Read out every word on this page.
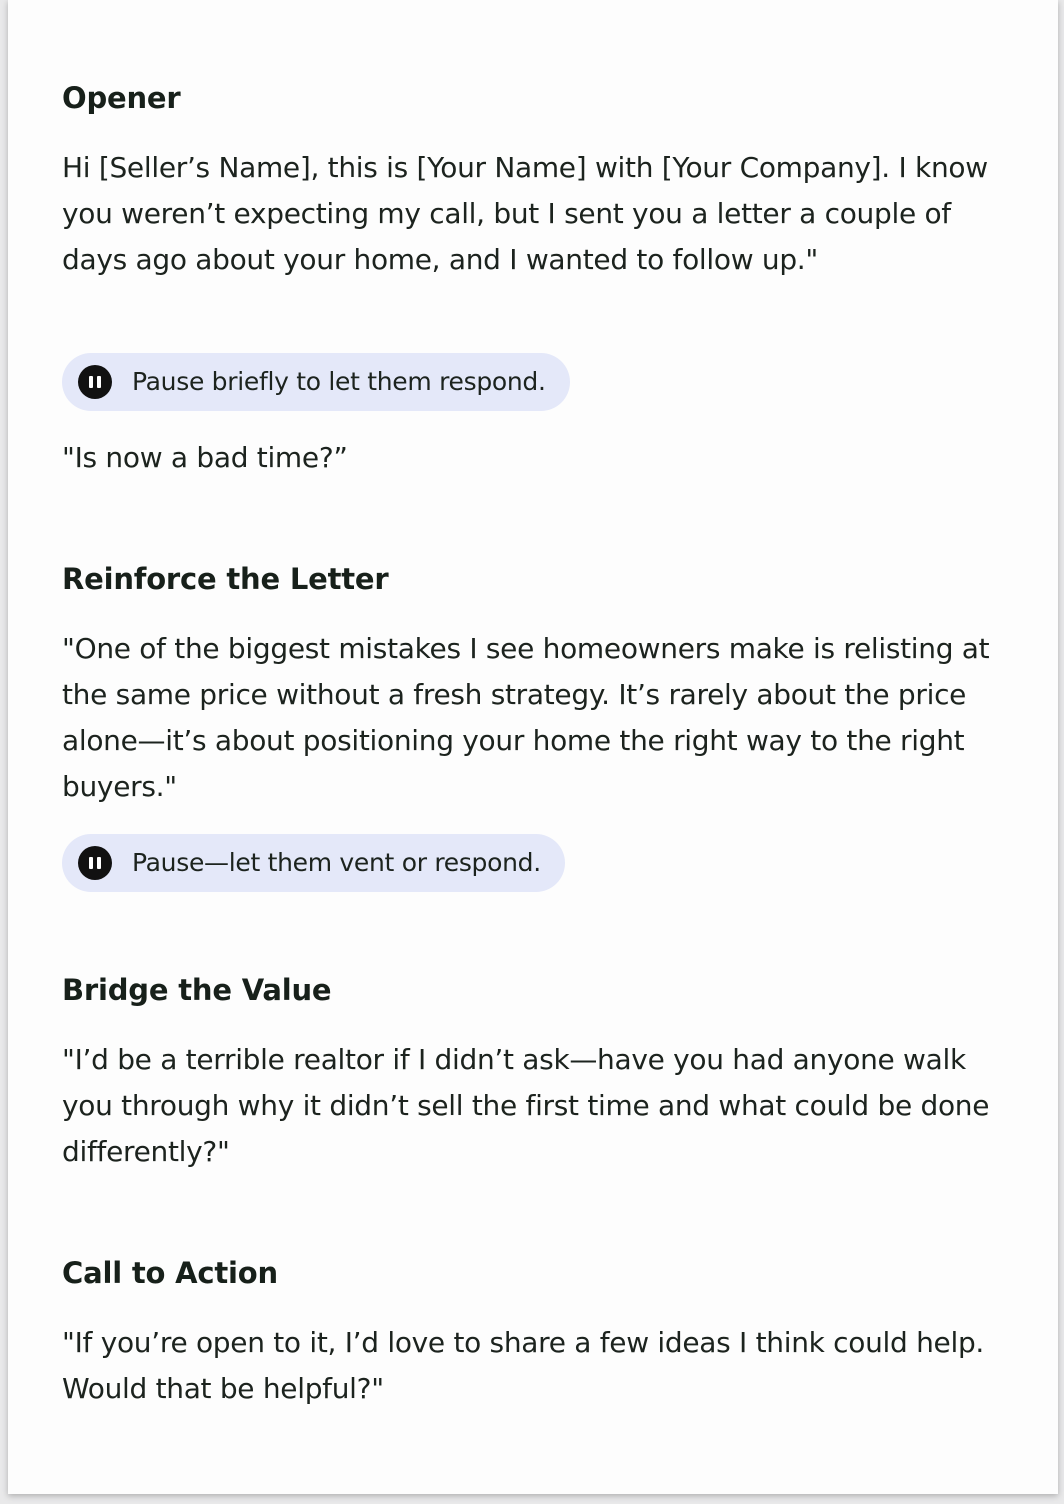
Opener
Hi [Seller’s Name], this is [Your Name] with [Your Company]. I know you weren’t expecting my call, but I sent you a letter a couple of days ago about your home, and I wanted to follow up."
Pause briefly to let them respond.
"Is now a bad time?”
Reinforce the Letter
"One of the biggest mistakes I see homeowners make is relisting at the same price without a fresh strategy. It’s rarely about the price alone—it’s about positioning your home the right way to the right buyers."
Pause—let them vent or respond.
Bridge the Value
"I’d be a terrible realtor if I didn’t ask—have you had anyone walk you through why it didn’t sell the first time and what could be done differently?"
Call to Action
"If you’re open to it, I’d love to share a few ideas I think could help. Would that be helpful?"
